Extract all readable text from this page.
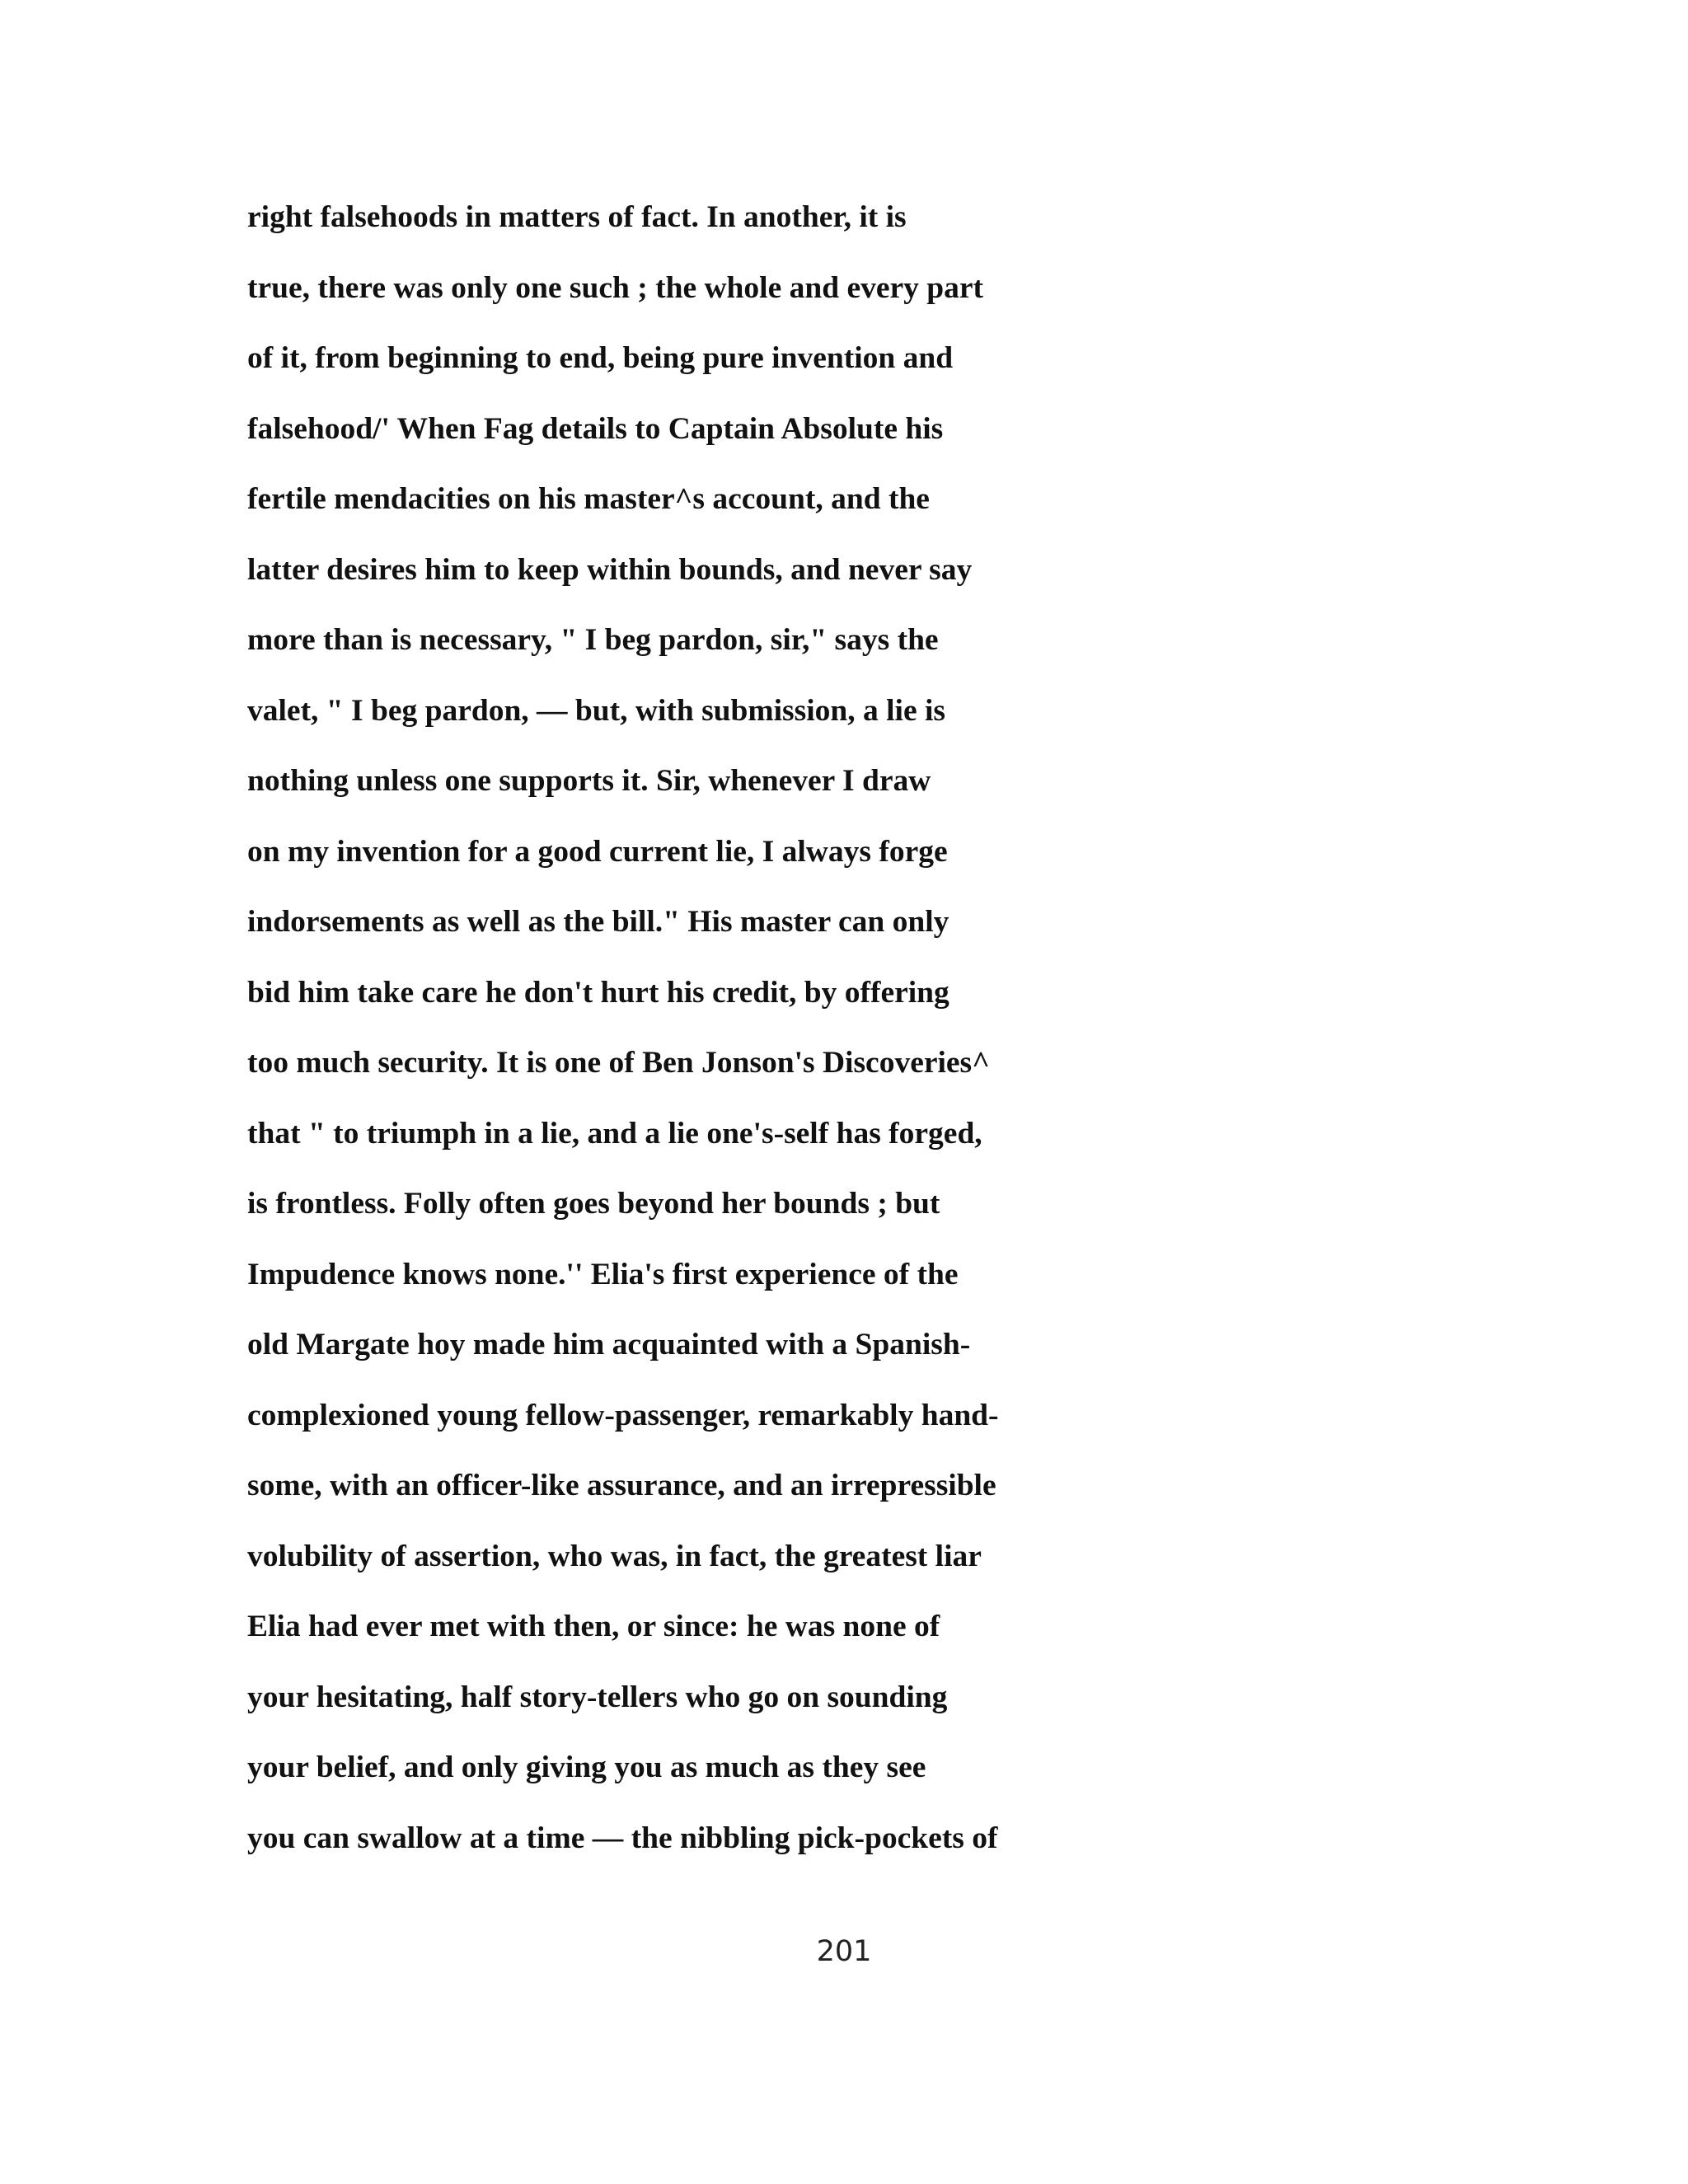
right falsehoods in matters of fact. In another, it is
true, there was only one such ; the whole and every part
of it, from beginning to end, being pure invention and
falsehood/' When Fag details to Captain Absolute his
fertile mendacities on his master^s account, and the
latter desires him to keep within bounds, and never say
more than is necessary, " I beg pardon, sir," says the
valet, " I beg pardon, — but, with submission, a lie is
nothing unless one supports it. Sir, whenever I draw
on my invention for a good current lie, I always forge
indorsements as well as the bill." His master can only
bid him take care he don't hurt his credit, by offering
too much security. It is one of Ben Jonson's Discoveries^
that " to triumph in a lie, and a lie one's-self has forged,
is frontless. Folly often goes beyond her bounds ; but
Impudence knows none.'' Elia's first experience of the
old Margate hoy made him acquainted with a Spanish-
complexioned young fellow-passenger, remarkably hand-
some, with an officer-like assurance, and an irrepressible
volubility of assertion, who was, in fact, the greatest liar
Elia had ever met with then, or since: he was none of
your hesitating, half story-tellers who go on sounding
your belief, and only giving you as much as they see
you can swallow at a time — the nibbling pick-pockets of
201
